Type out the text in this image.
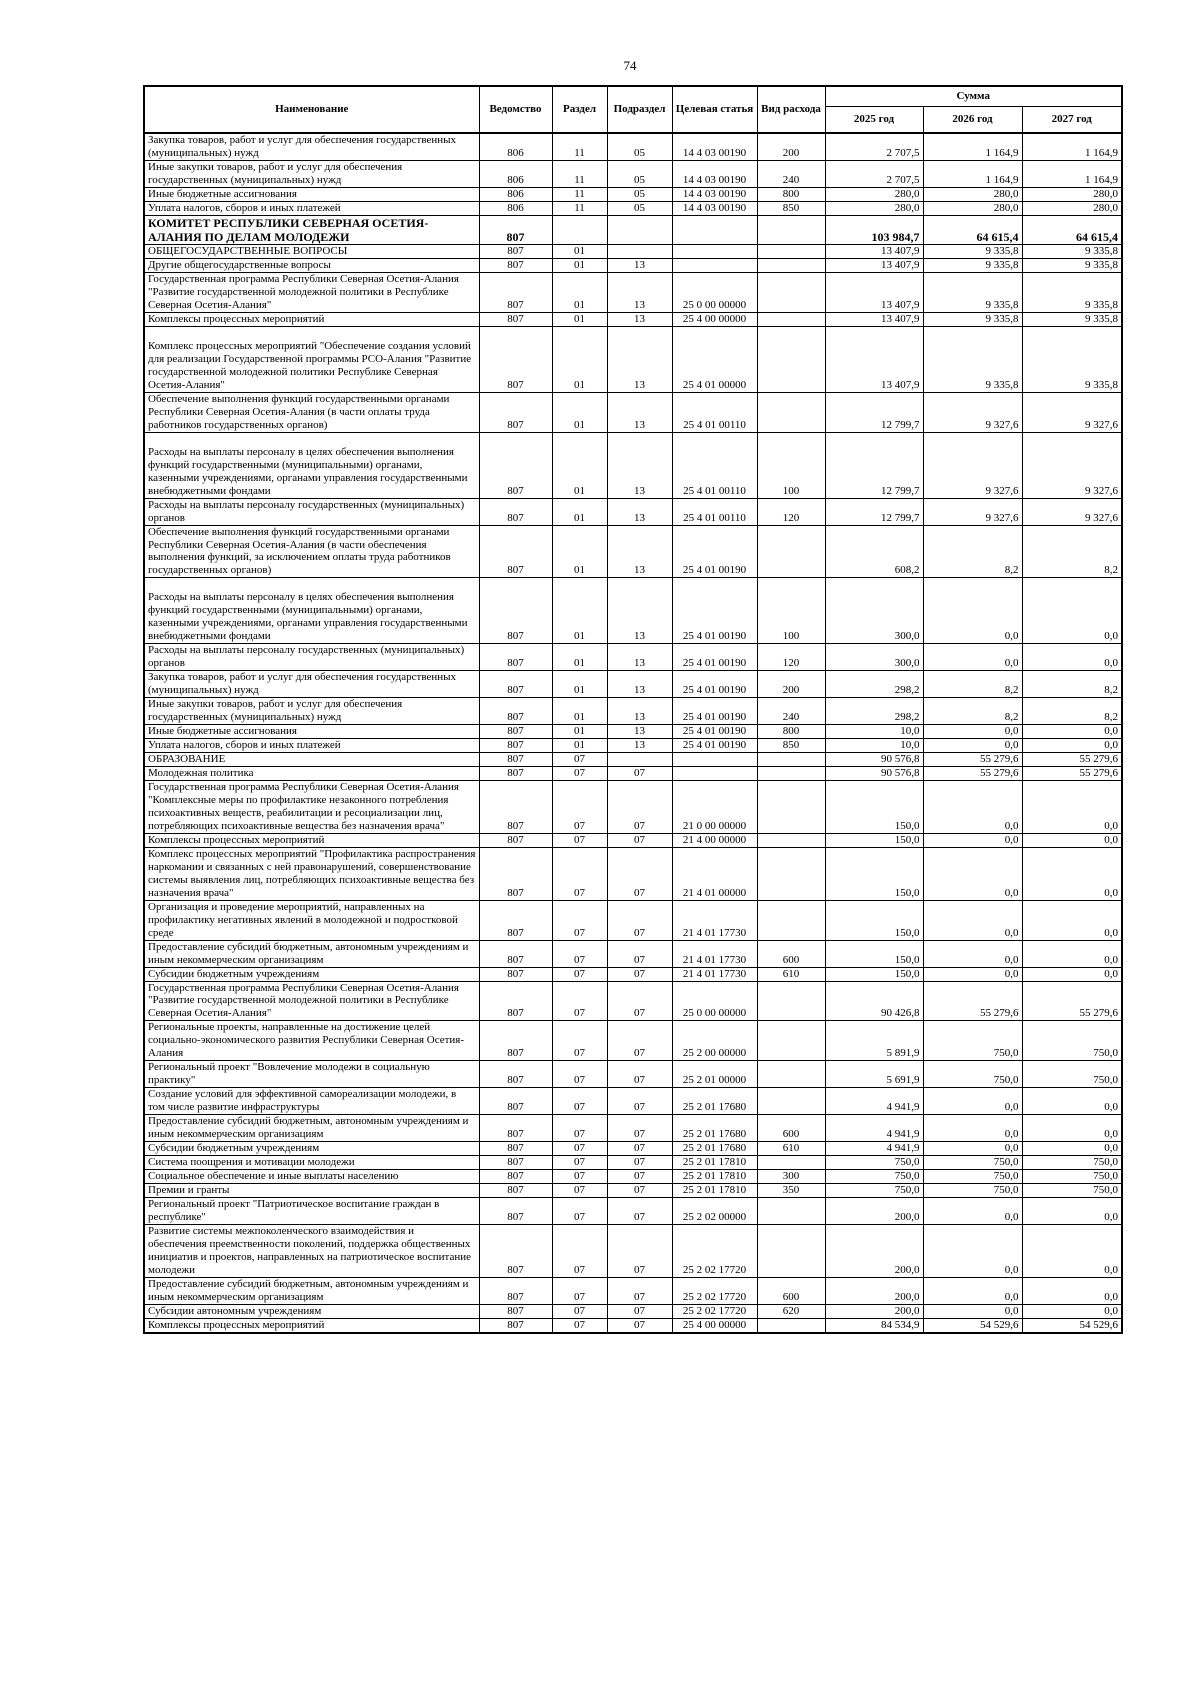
74
Наименование	Ведомство	Раздел	Подраздел	Целевая статья	Вид расхода	Сумма		
						2025 год	2026 год	2027 год
Закупка товаров, работ и услуг для обеспечения государственных (муниципальных) нужд	806	11	05	14 4 03 00190	200	2 707,5	1 164,9	1 164,9
Иные закупки товаров, работ и услуг для обеспечения государственных (муниципальных) нужд	806	11	05	14 4 03 00190	240	2 707,5	1 164,9	1 164,9
Иные бюджетные ассигнования	806	11	05	14 4 03 00190	800	280,0	280,0	280,0
Уплата налогов, сборов и иных платежей	806	11	05	14 4 03 00190	850	280,0	280,0	280,0
КОМИТЕТ РЕСПУБЛИКИ СЕВЕРНАЯ ОСЕТИЯ-АЛАНИЯ ПО ДЕЛАМ МОЛОДЕЖИ	807					103 984,7	64 615,4	64 615,4
ОБЩЕГОСУДАРСТВЕННЫЕ ВОПРОСЫ	807	01				13 407,9	9 335,8	9 335,8
Другие общегосударственные вопросы	807	01	13			13 407,9	9 335,8	9 335,8
Государственная программа Республики Северная Осетия-Алания "Развитие государственной молодежной политики в Республике Северная Осетия-Алания"	807	01	13	25 0 00 00000		13 407,9	9 335,8	9 335,8
Комплексы процессных мероприятий	807	01	13	25 4 00 00000		13 407,9	9 335,8	9 335,8
Комплекс процессных мероприятий "Обеспечение создания условий для реализации Государственной программы РСО-Алания "Развитие государственной молодежной политики Республике Северная Осетия-Алания"	807	01	13	25 4 01 00000		13 407,9	9 335,8	9 335,8
Обеспечение выполнения функций государственными органами Республики Северная Осетия-Алания (в части оплаты труда работников государственных органов)	807	01	13	25 4 01 00110		12 799,7	9 327,6	9 327,6
Расходы на выплаты персоналу в целях обеспечения выполнения функций государственными (муниципальными) органами, казенными учреждениями, органами управления государственными внебюджетными фондами	807	01	13	25 4 01 00110	100	12 799,7	9 327,6	9 327,6
Расходы на выплаты персоналу государственных (муниципальных) органов	807	01	13	25 4 01 00110	120	12 799,7	9 327,6	9 327,6
Обеспечение выполнения функций государственными органами Республики Северная Осетия-Алания (в части обеспечения выполнения функций, за исключением оплаты труда работников государственных органов)	807	01	13	25 4 01 00190		608,2	8,2	8,2
Расходы на выплаты персоналу в целях обеспечения выполнения функций государственными (муниципальными) органами, казенными учреждениями, органами управления государственными внебюджетными фондами	807	01	13	25 4 01 00190	100	300,0	0,0	0,0
Расходы на выплаты персоналу государственных (муниципальных) органов	807	01	13	25 4 01 00190	120	300,0	0,0	0,0
Закупка товаров, работ и услуг для обеспечения государственных (муниципальных) нужд	807	01	13	25 4 01 00190	200	298,2	8,2	8,2
Иные закупки товаров, работ и услуг для обеспечения государственных (муниципальных) нужд	807	01	13	25 4 01 00190	240	298,2	8,2	8,2
Иные бюджетные ассигнования	807	01	13	25 4 01 00190	800	10,0	0,0	0,0
Уплата налогов, сборов и иных платежей	807	01	13	25 4 01 00190	850	10,0	0,0	0,0
ОБРАЗОВАНИЕ	807	07				90 576,8	55 279,6	55 279,6
Молодежная политика	807	07	07			90 576,8	55 279,6	55 279,6
Государственная программа Республики Северная Осетия-Алания "Комплексные меры по профилактике незаконного потребления психоактивных веществ, реабилитации и ресоциализации лиц, потребляющих психоактивные вещества без назначения врача"	807	07	07	21 0 00 00000		150,0	0,0	0,0
Комплексы процессных мероприятий	807	07	07	21 4 00 00000		150,0	0,0	0,0
Комплекс процессных мероприятий "Профилактика распространения наркомании и связанных с ней правонарушений, совершенствование системы выявления лиц, потребляющих психоактивные вещества без назначения врача"	807	07	07	21 4 01 00000		150,0	0,0	0,0
Организация и проведение мероприятий, направленных на профилактику негативных явлений в молодежной и подростковой среде	807	07	07	21 4 01 17730		150,0	0,0	0,0
Предоставление субсидий бюджетным, автономным учреждениям и иным некоммерческим организациям	807	07	07	21 4 01 17730	600	150,0	0,0	0,0
Субсидии бюджетным учреждениям	807	07	07	21 4 01 17730	610	150,0	0,0	0,0
Государственная программа Республики Северная Осетия-Алания "Развитие государственной молодежной политики в Республике Северная Осетия-Алания"	807	07	07	25 0 00 00000		90 426,8	55 279,6	55 279,6
Региональные проекты, направленные на достижение целей социально-экономического развития Республики Северная Осетия-Алания	807	07	07	25 2 00 00000		5 891,9	750,0	750,0
Региональный проект "Вовлечение молодежи в социальную практику"	807	07	07	25 2 01 00000		5 691,9	750,0	750,0
Создание условий для эффективной самореализации молодежи, в том числе развитие инфраструктуры	807	07	07	25 2 01 17680		4 941,9	0,0	0,0
Предоставление субсидий бюджетным, автономным учреждениям и иным некоммерческим организациям	807	07	07	25 2 01 17680	600	4 941,9	0,0	0,0
Субсидии бюджетным учреждениям	807	07	07	25 2 01 17680	610	4 941,9	0,0	0,0
Система поощрения и мотивации молодежи	807	07	07	25 2 01 17810		750,0	750,0	750,0
Социальное обеспечение и иные выплаты населению	807	07	07	25 2 01 17810	300	750,0	750,0	750,0
Премии и гранты	807	07	07	25 2 01 17810	350	750,0	750,0	750,0
Региональный проект "Патриотическое воспитание граждан в республике"	807	07	07	25 2 02 00000		200,0	0,0	0,0
Развитие системы межпоколенческого взаимодействия и обеспечения преемственности поколений, поддержка общественных инициатив и проектов, направленных на патриотическое воспитание молодежи	807	07	07	25 2 02 17720		200,0	0,0	0,0
Предоставление субсидий бюджетным, автономным учреждениям и иным некоммерческим организациям	807	07	07	25 2 02 17720	600	200,0	0,0	0,0
Субсидии автономным учреждениям	807	07	07	25 2 02 17720	620	200,0	0,0	0,0
Комплексы процессных мероприятий	807	07	07	25 4 00 00000		84 534,9	54 529,6	54 529,6
